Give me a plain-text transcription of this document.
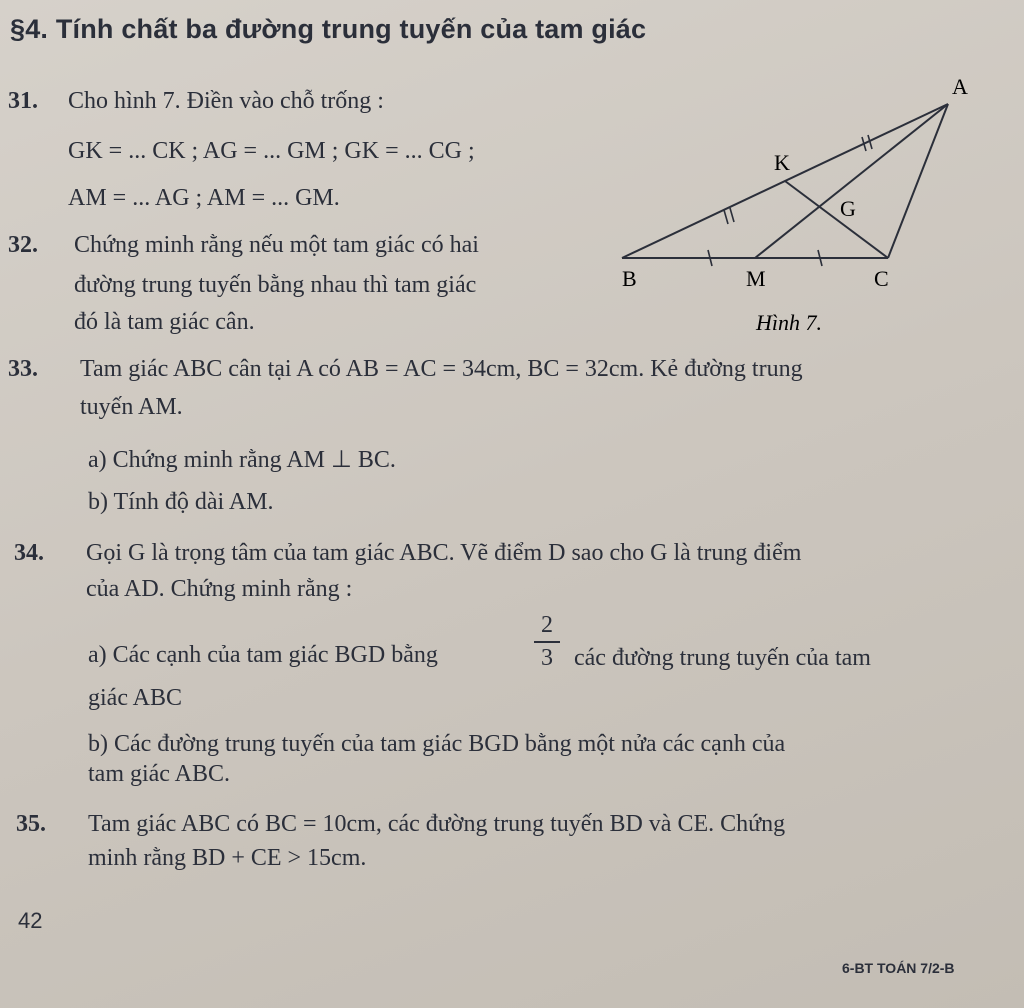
§4. Tính chất ba đường trung tuyến của tam giác
31. Cho hình 7. Điền vào chỗ trống :
GK = ... CK ; AG = ... GM ; GK = ... CG ;
AM = ... AG ; AM = ... GM.
32. Chứng minh rằng nếu một tam giác có hai
đường trung tuyến bằng nhau thì tam giác
đó là tam giác cân.
A
B	C
M
K
G
Hình 7.
33. Tam giác ABC cân tại A có AB = AC = 34cm, BC = 32cm. Kẻ đường trung
tuyến AM.
a) Chứng minh rằng AM ⊥ BC.
b) Tính độ dài AM.
34. Gọi G là trọng tâm của tam giác ABC. Vẽ điểm D sao cho G là trung điểm
của AD. Chứng minh rằng :
a) Các cạnh của tam giác BGD bằng
2
3 các đường trung tuyến của tam
giác ABC
b) Các đường trung tuyến của tam giác BGD bằng một nửa các cạnh của
tam giác ABC.
35. Tam giác ABC có BC = 10cm, các đường trung tuyến BD và CE. Chứng
minh rằng BD + CE > 15cm.
42
6-BT TOÁN 7/2-B
